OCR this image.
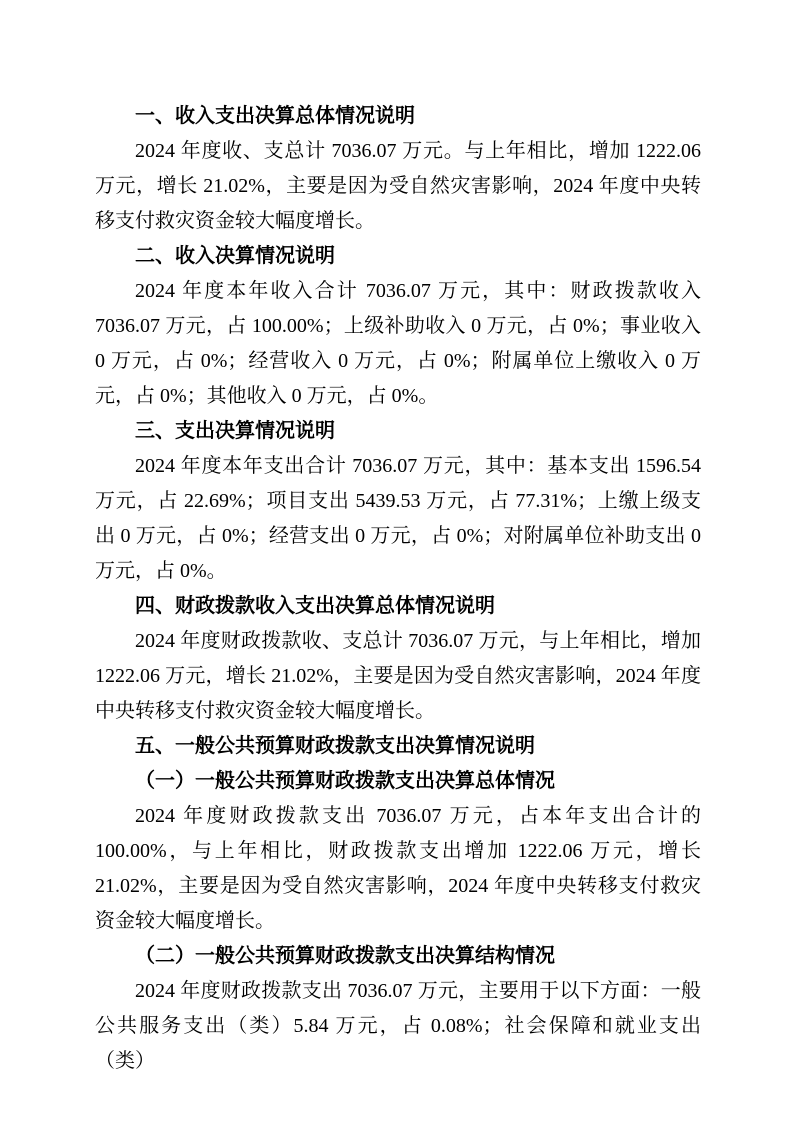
一、收入支出决算总体情况说明

2024 年度收、支总计 7036.07 万元。与上年相比，增加 1222.06 万元，增长 21.02%，主要是因为受自然灾害影响，2024 年度中央转移支付救灾资金较大幅度增长。

二、收入决算情况说明

2024 年度本年收入合计 7036.07 万元，其中：财政拨款收入 7036.07 万元，占 100.00%；上级补助收入 0 万元，占 0%；事业收入 0 万元，占 0%；经营收入 0 万元，占 0%；附属单位上缴收入 0 万元，占 0%；其他收入 0 万元，占 0%。

三、支出决算情况说明

2024 年度本年支出合计 7036.07 万元，其中：基本支出 1596.54 万元，占 22.69%；项目支出 5439.53 万元，占 77.31%；上缴上级支出 0 万元，占 0%；经营支出 0 万元，占 0%；对附属单位补助支出 0 万元，占 0%。

四、财政拨款收入支出决算总体情况说明

2024 年度财政拨款收、支总计 7036.07 万元，与上年相比，增加 1222.06 万元，增长 21.02%，主要是因为受自然灾害影响，2024 年度中央转移支付救灾资金较大幅度增长。

五、一般公共预算财政拨款支出决算情况说明
（一）一般公共预算财政拨款支出决算总体情况

2024 年度财政拨款支出 7036.07 万元，占本年支出合计的 100.00%，与上年相比，财政拨款支出增加 1222.06 万元，增长 21.02%，主要是因为受自然灾害影响，2024 年度中央转移支付救灾资金较大幅度增长。

（二）一般公共预算财政拨款支出决算结构情况

2024 年度财政拨款支出 7036.07 万元，主要用于以下方面：一般公共服务支出（类）5.84 万元，占 0.08%；社会保障和就业支出（类）
